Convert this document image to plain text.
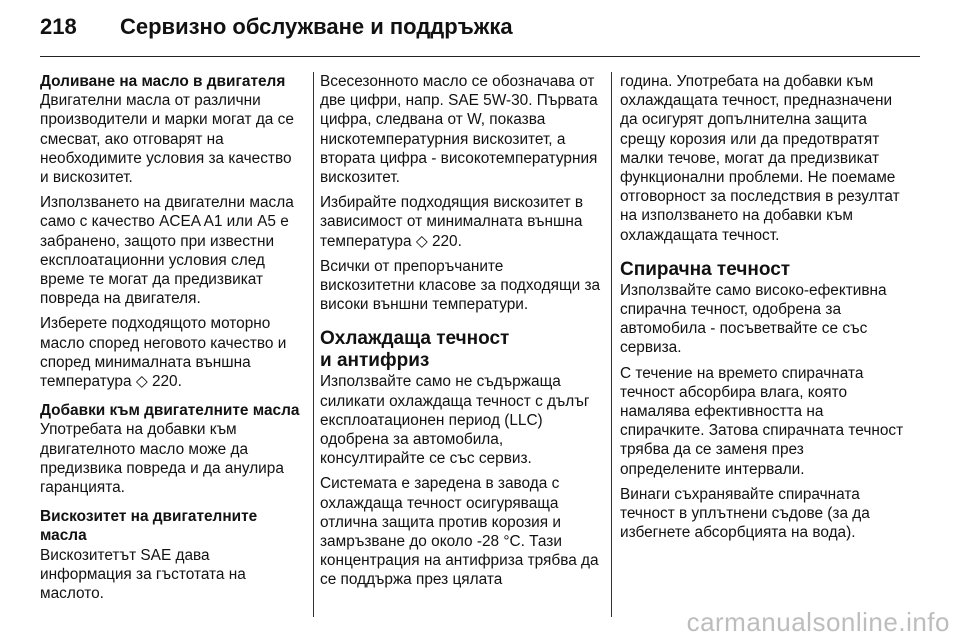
218	Сервизно обслужване и поддръжка
Доливане на масло в двигателя

Двигателни масла от различни производители и марки могат да се смесват, ако отговарят на необходимите условия за качество и вискозитет.

Използването на двигателни масла само с качество ACEA A1 или A5 е забранено, защото при известни експлоатационни условия след време те могат да предизвикат повреда на двигателя.

Изберете подходящото моторно масло според неговото качество и според минималната външна температура ◇ 220.

Добавки към двигателните масла

Употребата на добавки към двигателното масло може да предизвика повреда и да анулира гаранцията.

Вискозитет на двигателните масла

Вискозитетът SAE дава информация за гъстотата на маслото.

Всесезонното масло се обозначава от две цифри, напр. SAE 5W-30. Първата цифра, следвана от W, показва нискотемпературния вискозитет, а втората цифра - високотемпературния вискозитет.

Избирайте подходящия вискозитет в зависимост от минималната външна температура ◇ 220.

Всички от препоръчаните вискозитетни класове за подходящи за високи външни температури.

Охлаждаща течност
и антифриз

Използвайте само не съдържаща силикати охлаждаща течност с дълъг експлоатационен период (LLC) одобрена за автомобила, консултирайте се със сервиз.

Системата е заредена в завода с охлаждаща течност осигуряваща отлична защита против корозия и замръзване до около -28 °C. Тази концентрация на антифриза трябва да се поддържа през цялата

година. Употребата на добавки към охлаждащата течност, предназначени да осигурят допълнителна защита срещу корозия или да предотвратят малки течове, могат да предизвикат функционални проблеми. Не поемаме отговорност за последствия в резултат на използването на добавки към охлаждащата течност.

Спирачна течност

Използвайте само високо-ефективна спирачна течност, одобрена за автомобила - посъветвайте се със сервиза.

С течение на времето спирачната течност абсорбира влага, която намалява ефективността на спирачките. Затова спирачната течност трябва да се заменя през определените интервали.

Винаги съхранявайте спирачната течност в уплътнени съдове (за да избегнете абсорбцията на вода).

carmanualsonline.info
